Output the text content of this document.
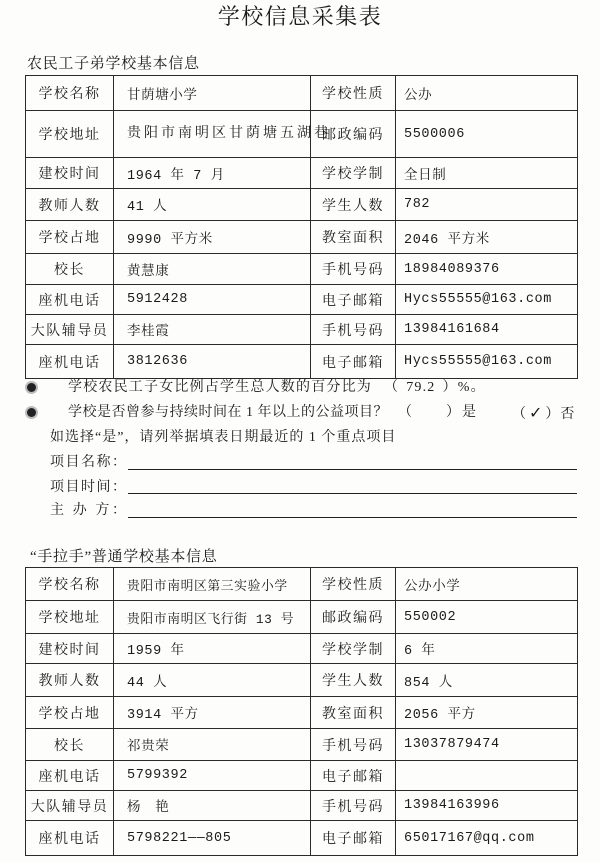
学校信息采集表
农民工子弟学校基本信息
学校名称	甘荫塘小学	学校性质	公办
学校地址	贵阳市南明区甘荫塘五湖巷	邮政编码	5500006
建校时间	1964 年 7 月	学校学制	全日制
教师人数	41 人	学生人数	782
学校占地	9990 平方米	教室面积	2046 平方米
校长	黄慧康	手机号码	18984089376
座机电话	5912428	电子邮箱	Hycs55555@163.com
大队辅导员	李桂霞	手机号码	13984161684
座机电话	3812636	电子邮箱	Hycs55555@163.com
学校农民工子女比例占学生总人数的百分比为 （ 79.2 ）%。
学校是否曾参与持续时间在 1 年以上的公益项目？ （　　）是 （ ✓ ）否
如选择“是”，请列举据填表日期最近的 1 个重点项目
项目名称：
项目时间：
主 办 方：
“手拉手”普通学校基本信息
学校名称	贵阳市南明区第三实验小学	学校性质	公办小学
学校地址	贵阳市南明区飞行街 13 号	邮政编码	550002
建校时间	1959 年	学校学制	6 年
教师人数	44 人	学生人数	854 人
学校占地	3914 平方	教室面积	2056 平方
校长	祁贵荣	手机号码	13037879474
座机电话	5799392	电子邮箱	
大队辅导员	杨　艳	手机号码	13984163996
座机电话	5798221——805	电子邮箱	65017167@qq.com
